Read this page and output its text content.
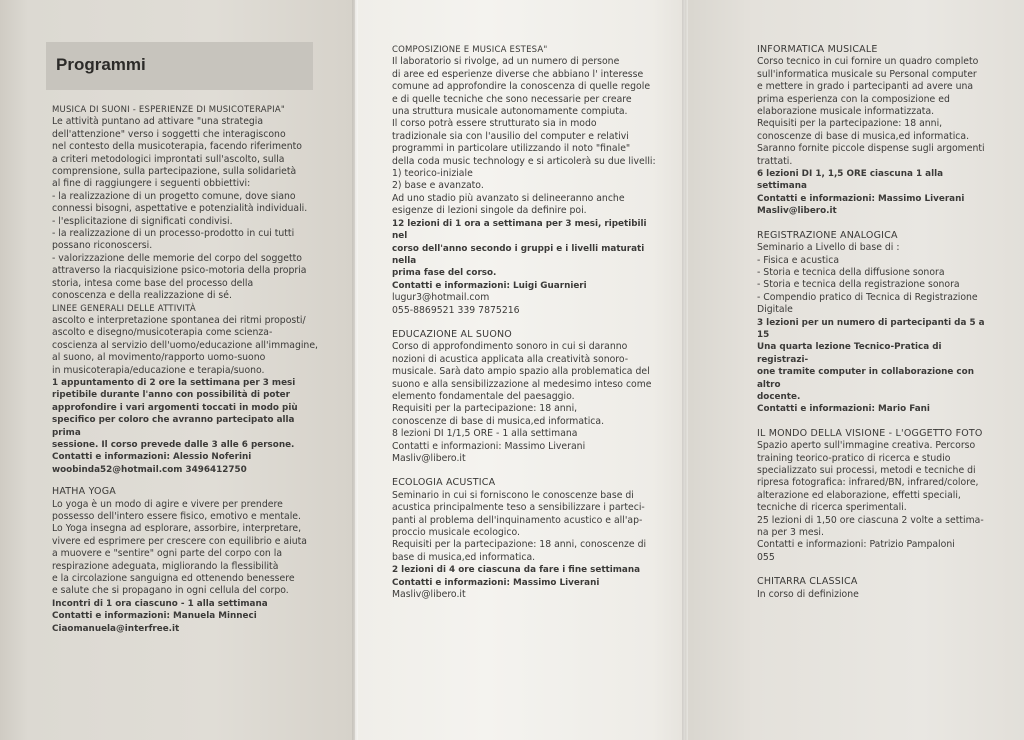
Programmi

MUSICA DI SUONI - ESPERIENZE DI MUSICOTERAPIA"

Le attività puntano ad attivare "una strategia

dell'attenzione" verso i soggetti che interagiscono

nel contesto della musicoterapia, facendo riferimento

a criteri metodologici improntati sull'ascolto, sulla

comprensione, sulla partecipazione, sulla solidarietà

al fine di raggiungere i seguenti obbiettivi:

- la realizzazione di un progetto comune, dove siano

connessi bisogni, aspettative e potenzialità individuali.

- l'esplicitazione di significati condivisi.

- la realizzazione di un processo-prodotto in cui tutti

possano riconoscersi.

- valorizzazione delle memorie del corpo del soggetto

attraverso la riacquisizione psico-motoria della propria

storia, intesa come base del processo della

conoscenza e della realizzazione di sé.

LINEE GENERALI DELLE ATTIVITÀ

ascolto e interpretazione spontanea dei ritmi proposti/

ascolto e disegno/musicoterapia come scienza-

coscienza al servizio dell'uomo/educazione all'immagine,

al suono, al movimento/rapporto uomo-suono

in musicoterapia/educazione e terapia/suono.

1 appuntamento di 2 ore la settimana per 3 mesi

ripetibile durante l'anno con possibilità di poter

approfondire i vari argomenti toccati in modo più

specifico per coloro che avranno partecipato alla prima

sessione. Il corso prevede dalle 3 alle 6 persone.

Contatti e informazioni: Alessio Noferini

woobinda52@hotmail.com 3496412750

HATHA YOGA

Lo yoga è un modo di agire e vivere per prendere

possesso dell'intero essere fisico, emotivo e mentale.

Lo Yoga insegna ad esplorare, assorbire, interpretare,

vivere ed esprimere per crescere con equilibrio e aiuta

a muovere e "sentire" ogni parte del corpo con la

respirazione adeguata, migliorando la flessibilità

e la circolazione sanguigna ed ottenendo benessere

e salute che si propagano in ogni cellula del corpo.

Incontri di 1 ora ciascuno - 1 alla settimana

Contatti e informazioni: Manuela Minneci

Ciaomanuela@interfree.it

COMPOSIZIONE E MUSICA ESTESA"

Il laboratorio si rivolge, ad un numero di persone

di aree ed esperienze diverse che abbiano l' interesse

comune ad approfondire la conoscenza di quelle regole

e di quelle tecniche che sono necessarie per creare

una struttura musicale autonomamente compiuta.

Il corso potrà essere strutturato sia in modo

tradizionale sia con l'ausilio del computer e relativi

programmi in particolare utilizzando il noto "finale"

della coda music technology e si articolerà su due livelli:

1) teorico-iniziale

2) base e avanzato.

Ad uno stadio più avanzato si delineeranno anche

esigenze di lezioni singole da definire poi.

12 lezioni di 1 ora a settimana per 3 mesi, ripetibili nel

corso dell'anno secondo i gruppi e i livelli maturati nella

prima fase del corso.

Contatti e informazioni: Luigi Guarnieri

lugur3@hotmail.com

055-8869521 339 7875216

EDUCAZIONE AL SUONO

Corso di approfondimento sonoro in cui si daranno

nozioni di acustica applicata alla creatività sonoro-

musicale. Sarà dato ampio spazio alla problematica del

suono e alla sensibilizzazione al medesimo inteso come

elemento fondamentale del paesaggio.

Requisiti per la partecipazione: 18 anni,

conoscenze di base di musica,ed informatica.

8 lezioni DI 1/1,5 ORE - 1 alla settimana

Contatti e informazioni: Massimo Liverani

Masliv@libero.it

ECOLOGIA ACUSTICA

Seminario in cui si forniscono le conoscenze base di

acustica principalmente teso a sensibilizzare i parteci-

panti al problema dell'inquinamento acustico e all'ap-

proccio musicale ecologico.

Requisiti per la partecipazione: 18 anni, conoscenze di

base di musica,ed informatica.

2 lezioni di 4 ore ciascuna da fare i fine settimana

Contatti e informazioni: Massimo Liverani

Masliv@libero.it

INFORMATICA MUSICALE

Corso tecnico in cui fornire un quadro completo

sull'informatica musicale su Personal computer

e mettere in grado i partecipanti ad avere una

prima esperienza con la composizione ed

elaborazione musicale informatizzata.

Requisiti per la partecipazione: 18 anni,

conoscenze di base di musica,ed informatica.

Saranno fornite piccole dispense sugli argomenti

trattati.

6 lezioni DI 1, 1,5 ORE ciascuna 1 alla settimana

Contatti e informazioni: Massimo Liverani

Masliv@libero.it

REGISTRAZIONE ANALOGICA

Seminario a Livello di base di :

- Fisica e acustica

- Storia e tecnica della diffusione sonora

- Storia e tecnica della registrazione sonora

- Compendio pratico di Tecnica di Registrazione

Digitale

3 lezioni per un numero di partecipanti da 5 a 15

Una quarta lezione Tecnico-Pratica di registrazi-

one tramite computer in collaborazione con altro

docente.

Contatti e informazioni: Mario Fani

IL MONDO DELLA VISIONE - L'OGGETTO FOTO

Spazio aperto sull'immagine creativa. Percorso

training teorico-pratico di ricerca e studio

specializzato sui processi, metodi e tecniche di

ripresa fotografica: infrared/BN, infrared/colore,

alterazione ed elaborazione, effetti speciali,

tecniche di ricerca sperimentali.

25 lezioni di 1,50 ore ciascuna 2 volte a settima-

na per 3 mesi.

Contatti e informazioni: Patrizio Pampaloni

055

CHITARRA CLASSICA

In corso di definizione
